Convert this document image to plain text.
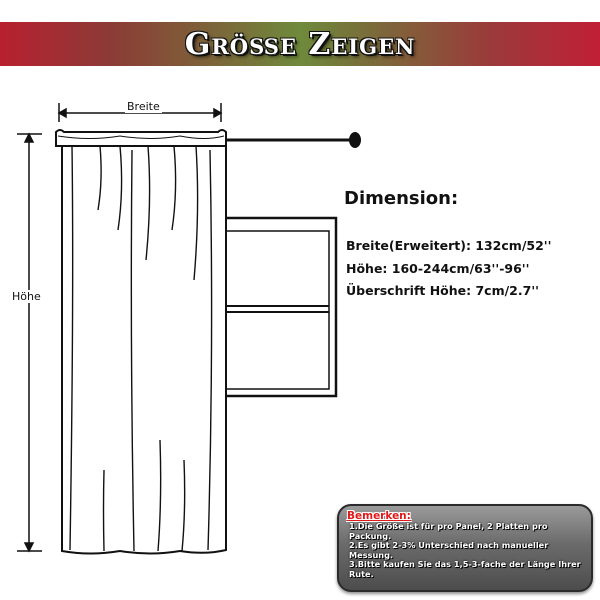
Größe Zeigen
Breite
Höhe
Dimension:
Breite(Erweitert): 132cm/52''
Höhe: 160-244cm/63''-96''
Überschrift Höhe: 7cm/2.7''
Bemerken:
1.Die Größe ist für pro Panel, 2 Platten pro Packung.
2.Es gibt 2-3% Unterschied nach manueller Messung.
3.Bitte kaufen Sie das 1,5-3-fache der Länge Ihrer Rute.
